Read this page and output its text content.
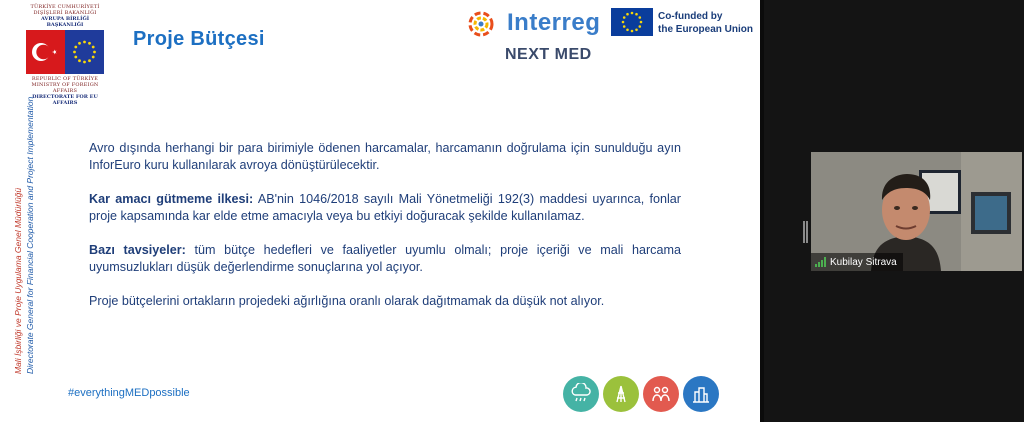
TÜRKİYE CUMHURİYETİ
DIŞİŞLERİ BAKANLIĞI
AVRUPA BİRLİĞİ BAŞKANLIĞI
REPUBLIC OF TÜRKİYE
MINISTRY OF FOREIGN AFFAIRS
DIRECTORATE FOR EU AFFAIRS
Proje Bütçesi
Interreg	Co-funded by
the European Union
NEXT MED
Mali İşbirliği ve Proje Uygulama Genel Müdürlüğü Directorate General for Financial Cooperation and Project Implementation	Avro dışında herhangi bir para birimiyle ödenen harcamalar, harcamanın doğrulama için sunulduğu ayın InforEuro kuru kullanılarak avroya dönüştürülecektir.

Kar amacı gütmeme ilkesi: AB'nin 1046/2018 sayılı Mali Yönetmeliği 192(3) maddesi uyarınca, fonlar proje kapsamında kar elde etme amacıyla veya bu etkiyi doğuracak şekilde kullanılamaz.

Bazı tavsiyeler: tüm bütçe hedefleri ve faaliyetler uyumlu olmalı; proje içeriği ve mali harcama uyumsuzlukları düşük değerlendirme sonuçlarına yol açıyor.

Proje bütçelerini ortakların projedeki ağırlığına oranlı olarak dağıtmamak da düşük not alıyor.

#everythingMEDpossible
Kubilay Sitrava
